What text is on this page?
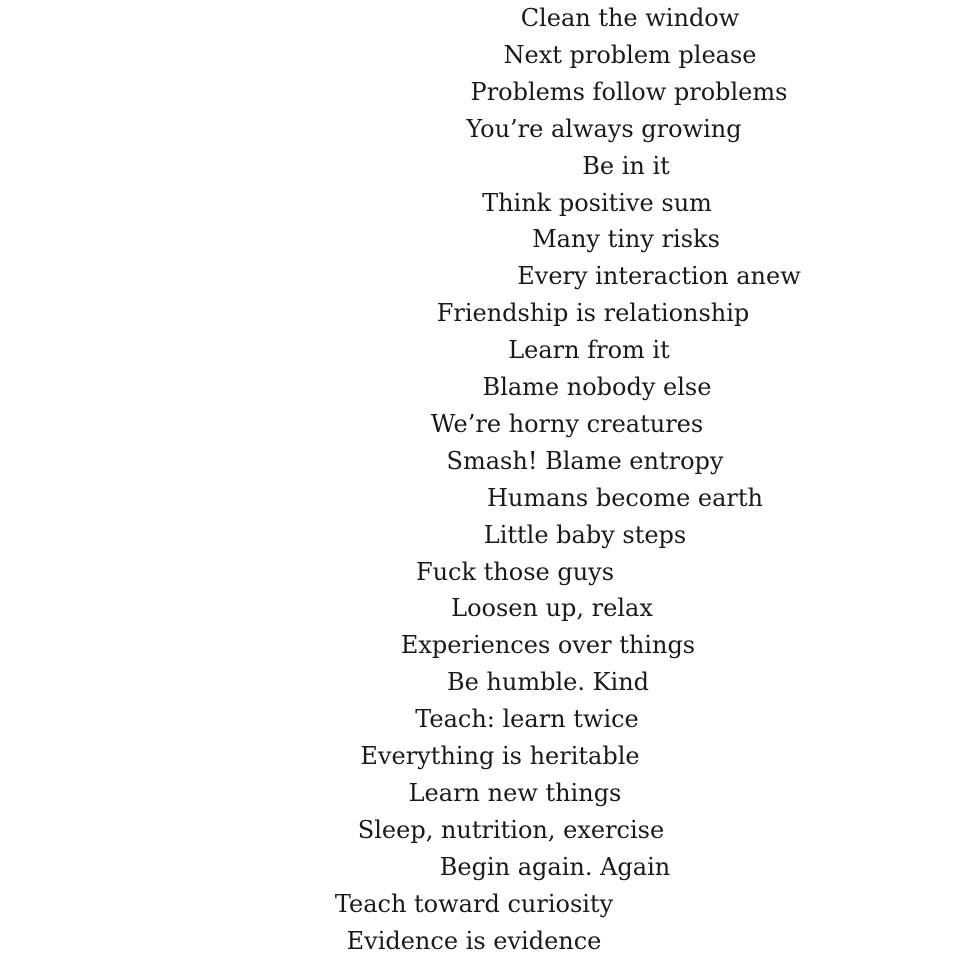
Clean the window

Next problem please

Problems follow problems

You’re always growing

Be in it

Think positive sum

Many tiny risks

Every interaction anew

Friendship is relationship

Learn from it

Blame nobody else

We’re horny creatures

Smash! Blame entropy

Humans become earth

Little baby steps

Fuck those guys

Loosen up, relax

Experiences over things

Be humble. Kind

Teach: learn twice

Everything is heritable

Learn new things

Sleep, nutrition, exercise

Begin again. Again

Teach toward curiosity

Evidence is evidence
